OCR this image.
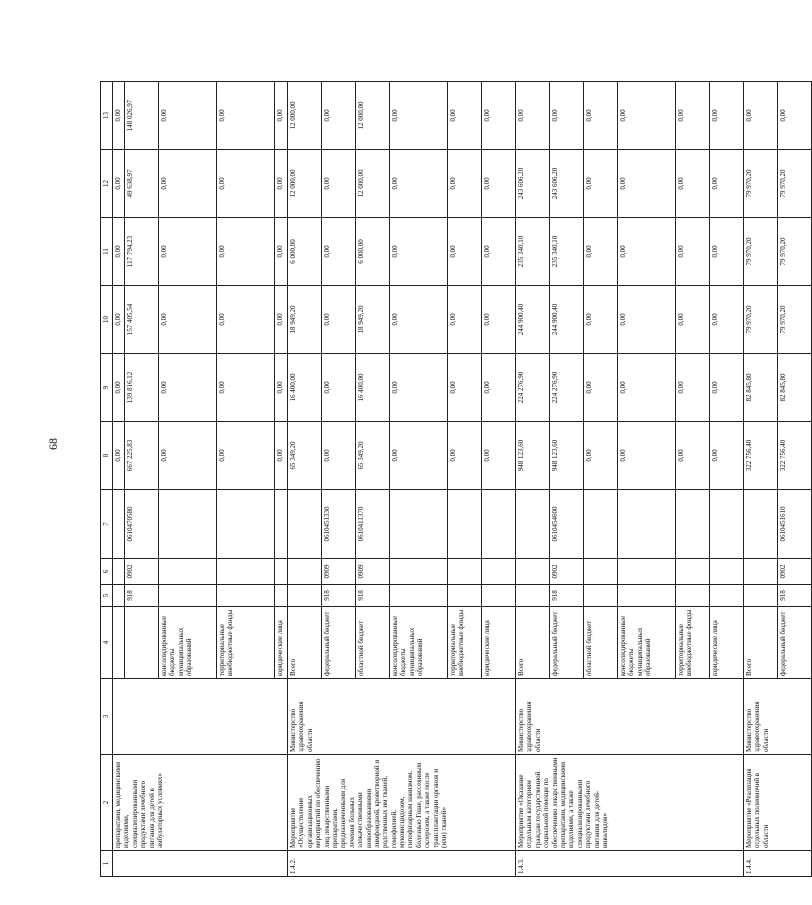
68
1	2	3	4	5	6	7	8	9	10	11	12	13
	препаратами, медицинскими изделиями, специализированными продуктами лечебного питания для детей в амбулаторных условиях»						0,00	0,00	0,00	0,00	0,00	0,00
				918	0902	0610470580	667 225,83	139 816,12	157 405,54	117 794,23	49 638,97	148 026,97
			консолидированные бюджеты муниципальных образований				0,00	0,00	0,00	0,00	0,00	0,00
			территориальные внебюджетные фонды				0,00	0,00	0,00	0,00	0,00	0,00
			юридические лица				0,00	0,00	0,00	0,00	0,00	0,00
1.4.2.	Мероприятие «Осуществление организационных мероприятий по обеспечению лиц лекарственными препаратами, предназначенными для лечения больных злокачественными новообразованиями лимфоидной, кроветворной и родственных им тканей, гемофилией, муковисцидозом, гипофизарным нанизмом, болезнью Гоше, рассеянным склерозом, а также после трансплантации органов и (или) тканей»	Министерство здравоохранения области	Всего				65 349,20	16 400,00	18 949,20	6 000,00	12 000,00	12 000,00
			федеральный бюджет	918	0909	0610451330	0,00	0,00	0,00	0,00	0,00	0,00
			областной бюджет	918	0909	0610411370	65 349,20	16 400,00	18 949,20	6 000,00	12 000,00	12 000,00
			консолидированные бюджеты муниципальных образований				0,00	0,00	0,00	0,00	0,00	0,00
			территориальные внебюджетные фонды				0,00	0,00	0,00	0,00	0,00	0,00
			юридические лица				0,00	0,00	0,00	0,00	0,00	0,00
1.4.3.	Мероприятие «Оказание отдельным категориям граждан государственной социальной помощи по обеспечению лекарственными препаратами, медицинскими изделиями, а также специализированными продуктами лечебного питания для детей-инвалидов»	Министерство здравоохранения области	Всего				948 123,60	224 276,90	244 900,40	235 340,10	243 606,20	0,00
			федеральный бюджет	918	0902	0610454600	948 123,60	224 276,90	244 900,40	235 340,10	243 606,20	0,00
			областной бюджет				0,00	0,00	0,00	0,00	0,00	0,00
			консолидированные бюджеты муниципальных образований				0,00	0,00	0,00	0,00	0,00	0,00
			территориальные внебюджетные фонды				0,00	0,00	0,00	0,00	0,00	0,00
			юридические лица				0,00	0,00	0,00	0,00	0,00	0,00
1.4.4.	Мероприятие «Реализация отдельных полномочий в области	Министерство здравоохранения области	Всего				322 756,40	82 845,80	79 970,20	79 970,20	79 970,20	0,00
			федеральный бюджет	918	0902	0610451610	322 756,40	82 845,80	79 970,20	79 970,20	79 970,20	0,00
